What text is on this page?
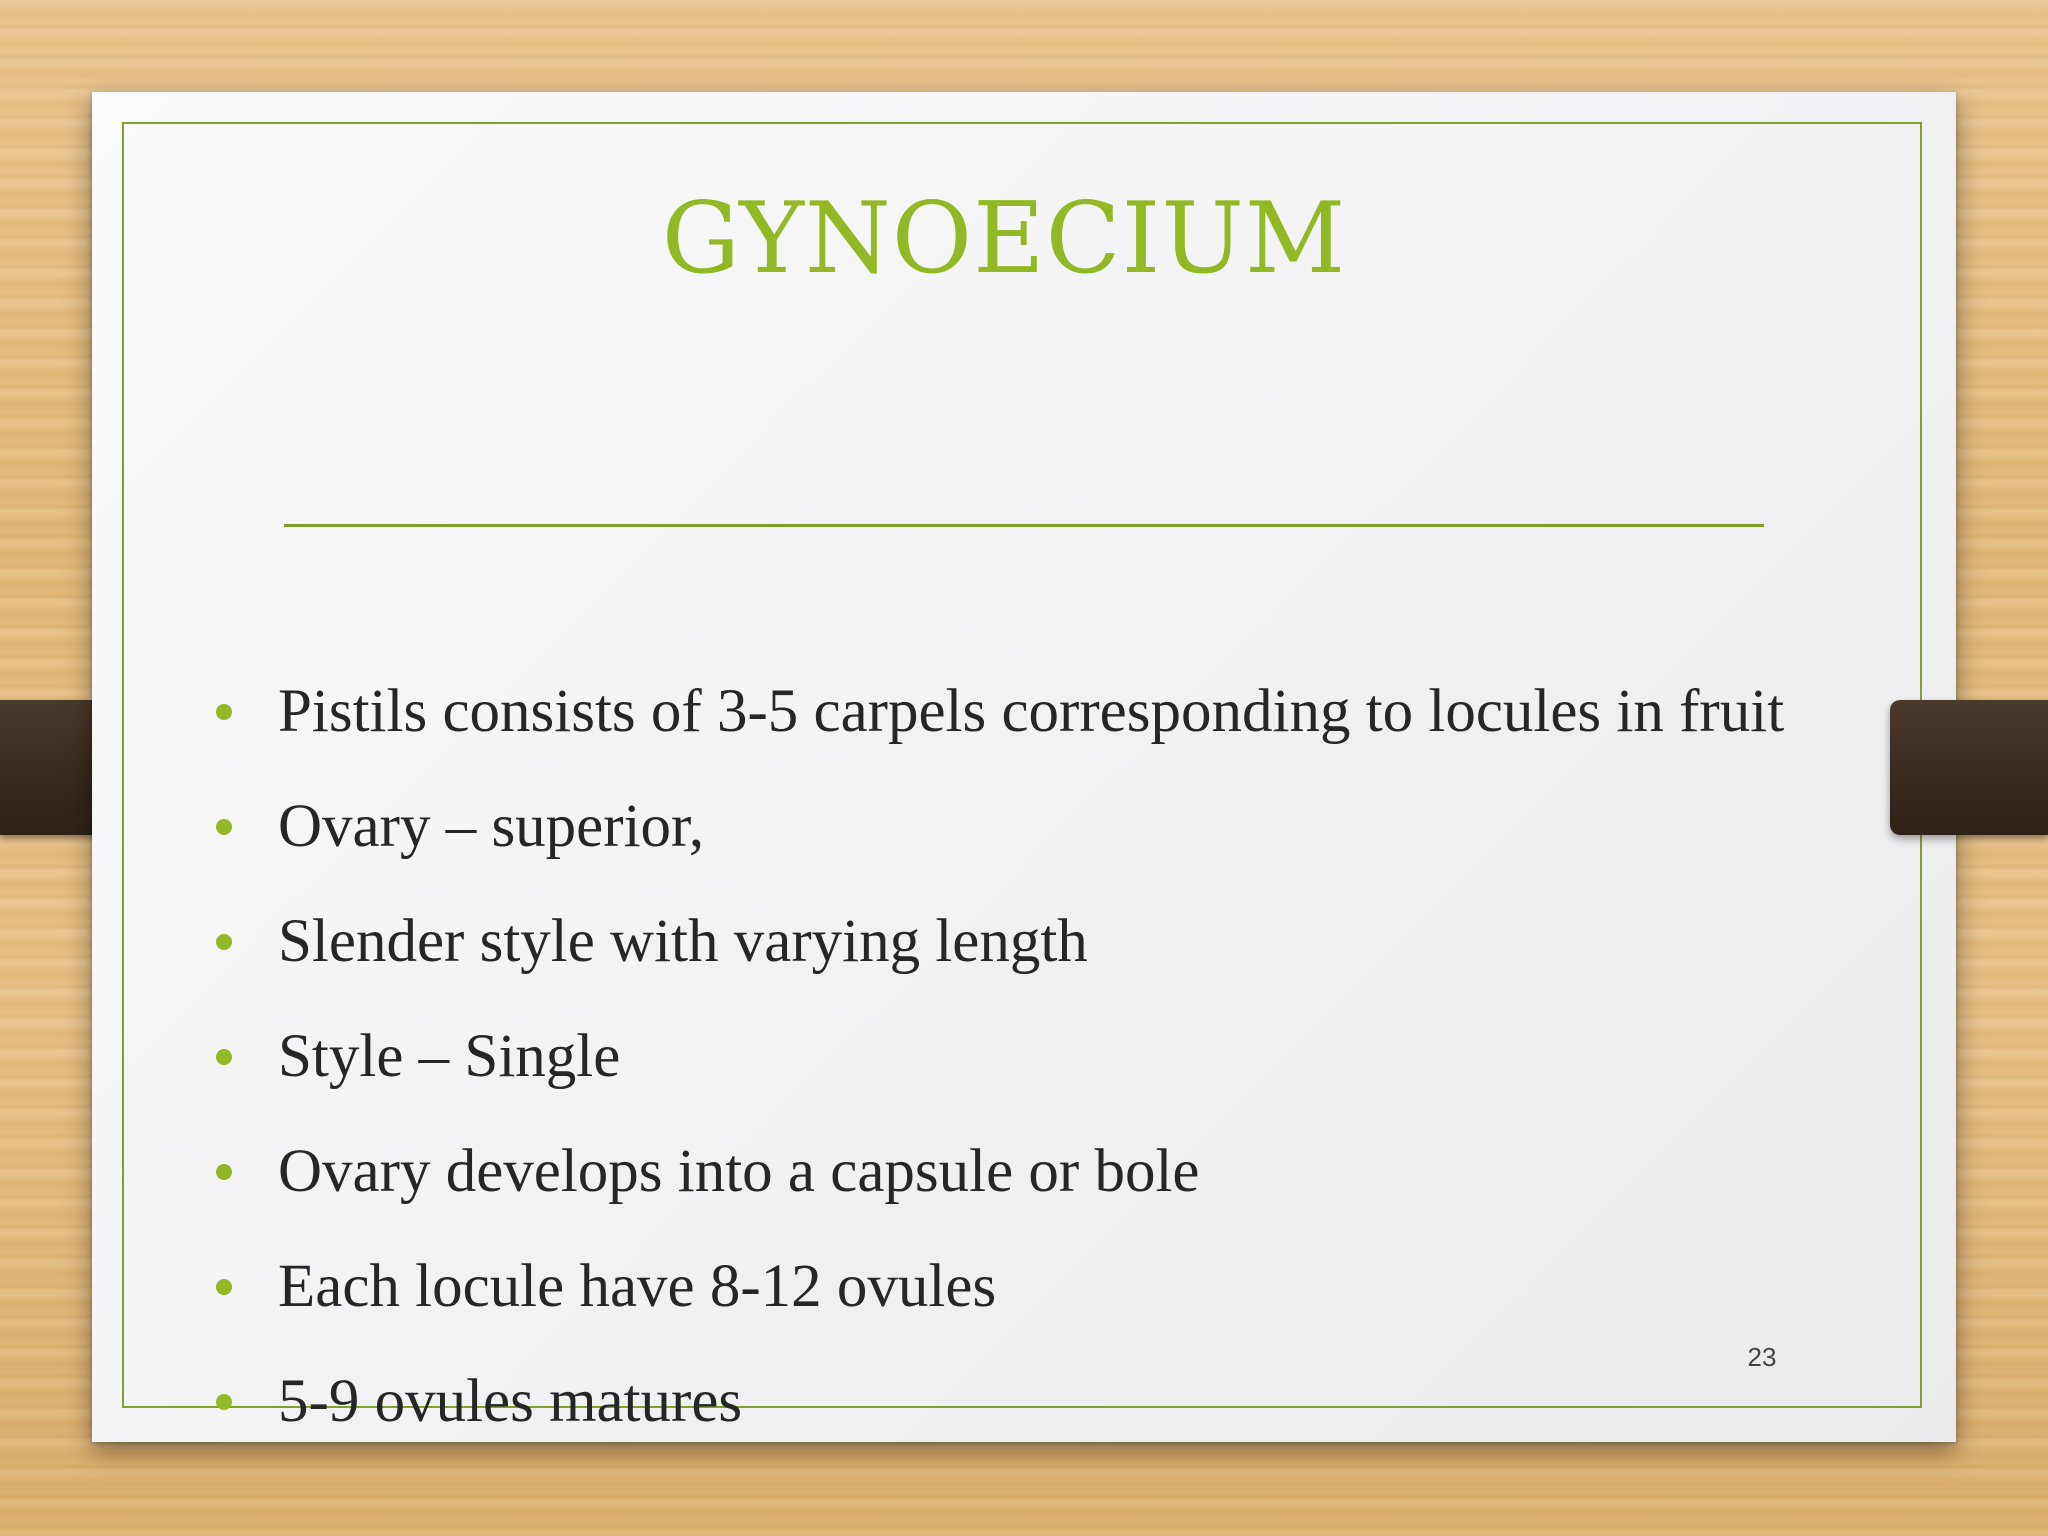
GYNOECIUM
Pistils consists of 3-5 carpels corresponding to locules in fruit
Ovary – superior,
Slender style with varying length
Style – Single
Ovary develops into a capsule or bole
Each locule have 8-12 ovules
5-9 ovules matures
23
